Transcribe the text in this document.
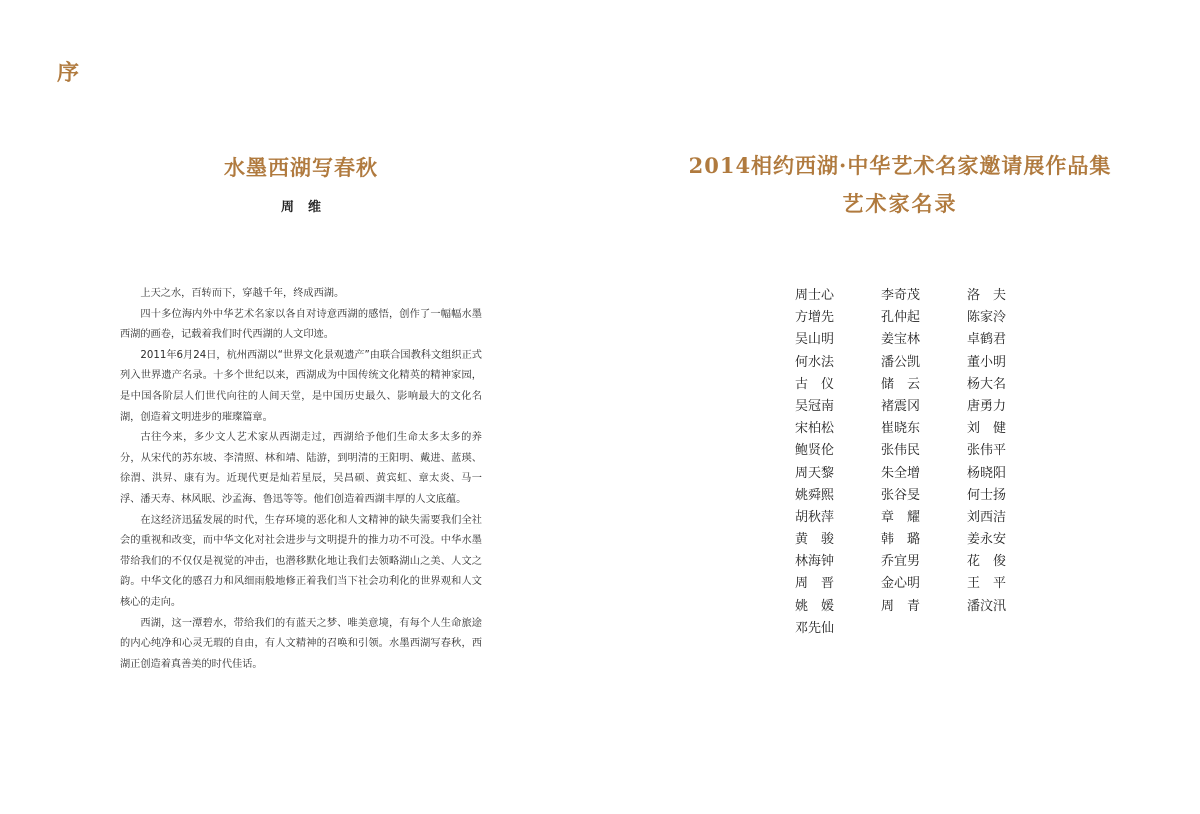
序
水墨西湖写春秋
周维

上天之水，百转而下，穿越千年，终成西湖。

四十多位海内外中华艺术名家以各自对诗意西湖的感悟，创作了一幅幅水墨西湖的画卷，记载着我们时代西湖的人文印迹。

2011年6月24日，杭州西湖以“世界文化景观遗产”由联合国教科文组织正式列入世界遗产名录。十多个世纪以来，西湖成为中国传统文化精英的精神家园，是中国各阶层人们世代向往的人间天堂，是中国历史最久、影响最大的文化名湖，创造着文明进步的璀璨篇章。

古往今来，多少文人艺术家从西湖走过，西湖给予他们生命太多太多的养分，从宋代的苏东坡、李清照、林和靖、陆游，到明清的王阳明、戴进、蓝瑛、徐渭、洪昇、康有为。近现代更是灿若星辰，吴昌硕、黄宾虹、章太炎、马一浮、潘天寿、林风眠、沙孟海、鲁迅等等。他们创造着西湖丰厚的人文底蕴。

在这经济迅猛发展的时代，生存环境的恶化和人文精神的缺失需要我们全社会的重视和改变，而中华文化对社会进步与文明提升的推力功不可没。中华水墨带给我们的不仅仅是视觉的冲击，也潜移默化地让我们去领略湖山之美、人文之韵。中华文化的感召力和风细雨般地修正着我们当下社会功利化的世界观和人文核心的走向。

西湖，这一潭碧水，带给我们的有蓝天之梦、唯美意境，有每个人生命旅途的内心纯净和心灵无瑕的自由，有人文精神的召唤和引领。水墨西湖写春秋，西湖正创造着真善美的时代佳话。

2014相约西湖·中华艺术名家邀请展作品集
艺术家名录
周士心	李奇茂	洛　夫
方增先	孔仲起	陈家泠
吴山明	姜宝林	卓鹤君
何水法	潘公凯	董小明
古　仪	储　云	杨大名
吴冠南	褚震冈	唐勇力
宋柏松	崔晓东	刘　健
鲍贤伦	张伟民	张伟平
周天黎	朱全增	杨晓阳
姚舜熙	张谷旻	何士扬
胡秋萍	章　耀	刘西洁
黄　骏	韩　璐	姜永安
林海钟	乔宜男	花　俊
周　晋	金心明	王　平
姚　媛	周　青	潘汶汛
邓先仙
